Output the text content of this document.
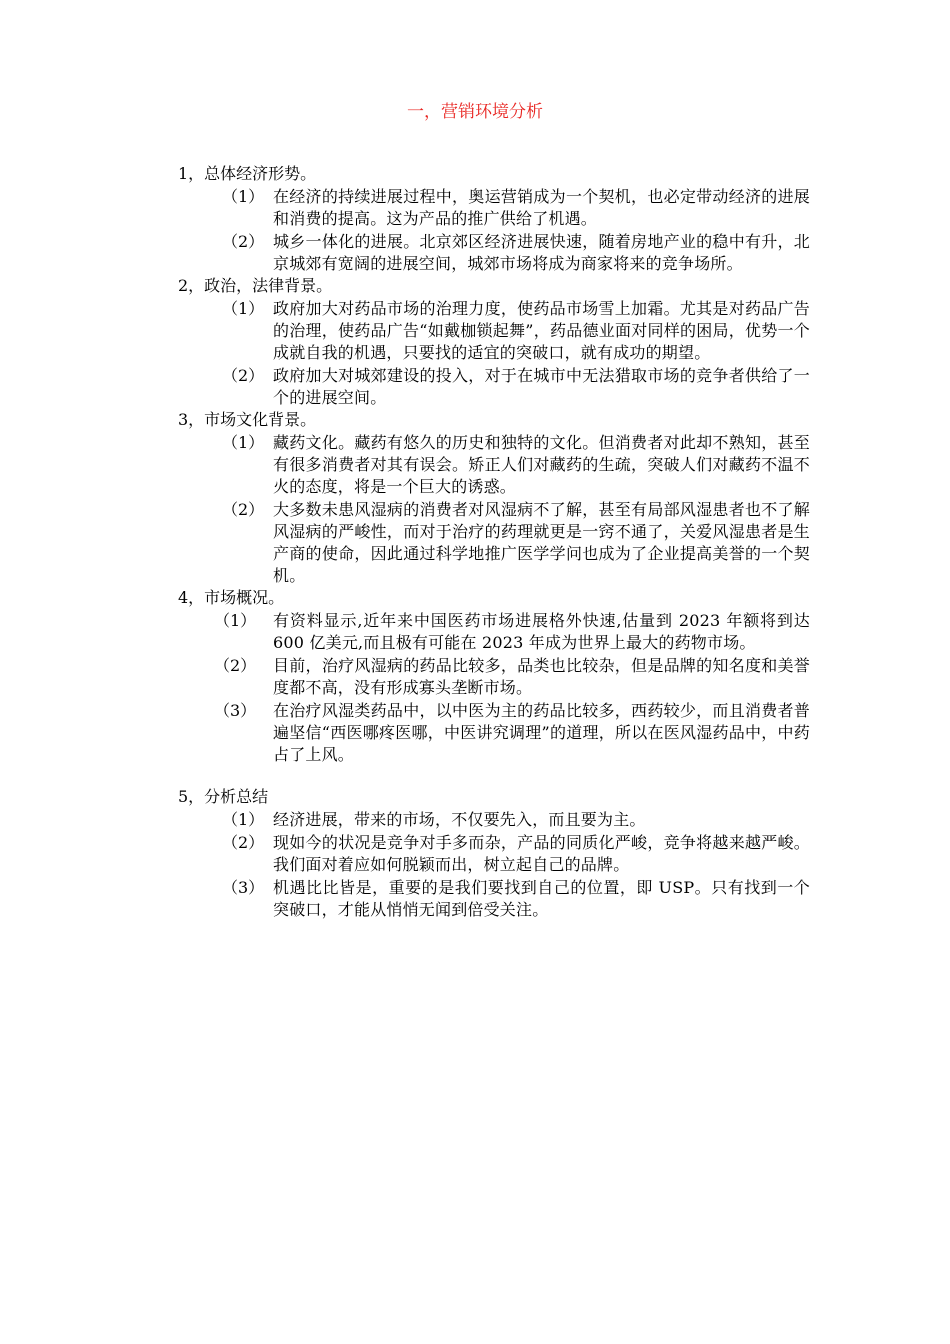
一，营销环境分析
1，总体经济形势。
（1） 在经济的持续进展过程中，奥运营销成为一个契机，也必定带动经济的进展和消费的提高。这为产品的推广供给了机遇。
（2） 城乡一体化的进展。北京郊区经济进展快速，随着房地产业的稳中有升，北京城郊有宽阔的进展空间，城郊市场将成为商家将来的竞争场所。
2，政治，法律背景。
（1） 政府加大对药品市场的治理力度，使药品市场雪上加霜。尤其是对药品广告的治理，使药品广告“如戴枷锁起舞”，药品德业面对同样的困局，优势一个成就自我的机遇，只要找的适宜的突破口，就有成功的期望。
（2） 政府加大对城郊建设的投入，对于在城市中无法猎取市场的竞争者供给了一个的进展空间。
3，市场文化背景。
（1） 藏药文化。藏药有悠久的历史和独特的文化。但消费者对此却不熟知，甚至有很多消费者对其有误会。矫正人们对藏药的生疏，突破人们对藏药不温不火的态度，将是一个巨大的诱惑。
（2） 大多数未患风湿病的消费者对风湿病不了解，甚至有局部风湿患者也不了解风湿病的严峻性，而对于治疗的药理就更是一窍不通了，关爱风湿患者是生产商的使命，因此通过科学地推广医学学问也成为了企业提高美誉的一个契机。
4，市场概况。
（1） 有资料显示,近年来中国医药市场进展格外快速,估量到 2023 年额将到达 600 亿美元,而且极有可能在 2023 年成为世界上最大的药物市场。
（2） 目前，治疗风湿病的药品比较多，品类也比较杂，但是品牌的知名度和美誉度都不高，没有形成寡头垄断市场。
（3） 在治疗风湿类药品中，以中医为主的药品比较多，西药较少，而且消费者普遍坚信“西医哪疼医哪，中医讲究调理”的道理，所以在医风湿药品中，中药占了上风。
5，分析总结
（1） 经济进展，带来的市场，不仅要先入，而且要为主。
（2） 现如今的状况是竞争对手多而杂，产品的同质化严峻，竞争将越来越严峻。我们面对着应如何脱颖而出，树立起自己的品牌。
（3） 机遇比比皆是，重要的是我们要找到自己的位置，即 USP。只有找到一个突破口，才能从悄悄无闻到倍受关注。
